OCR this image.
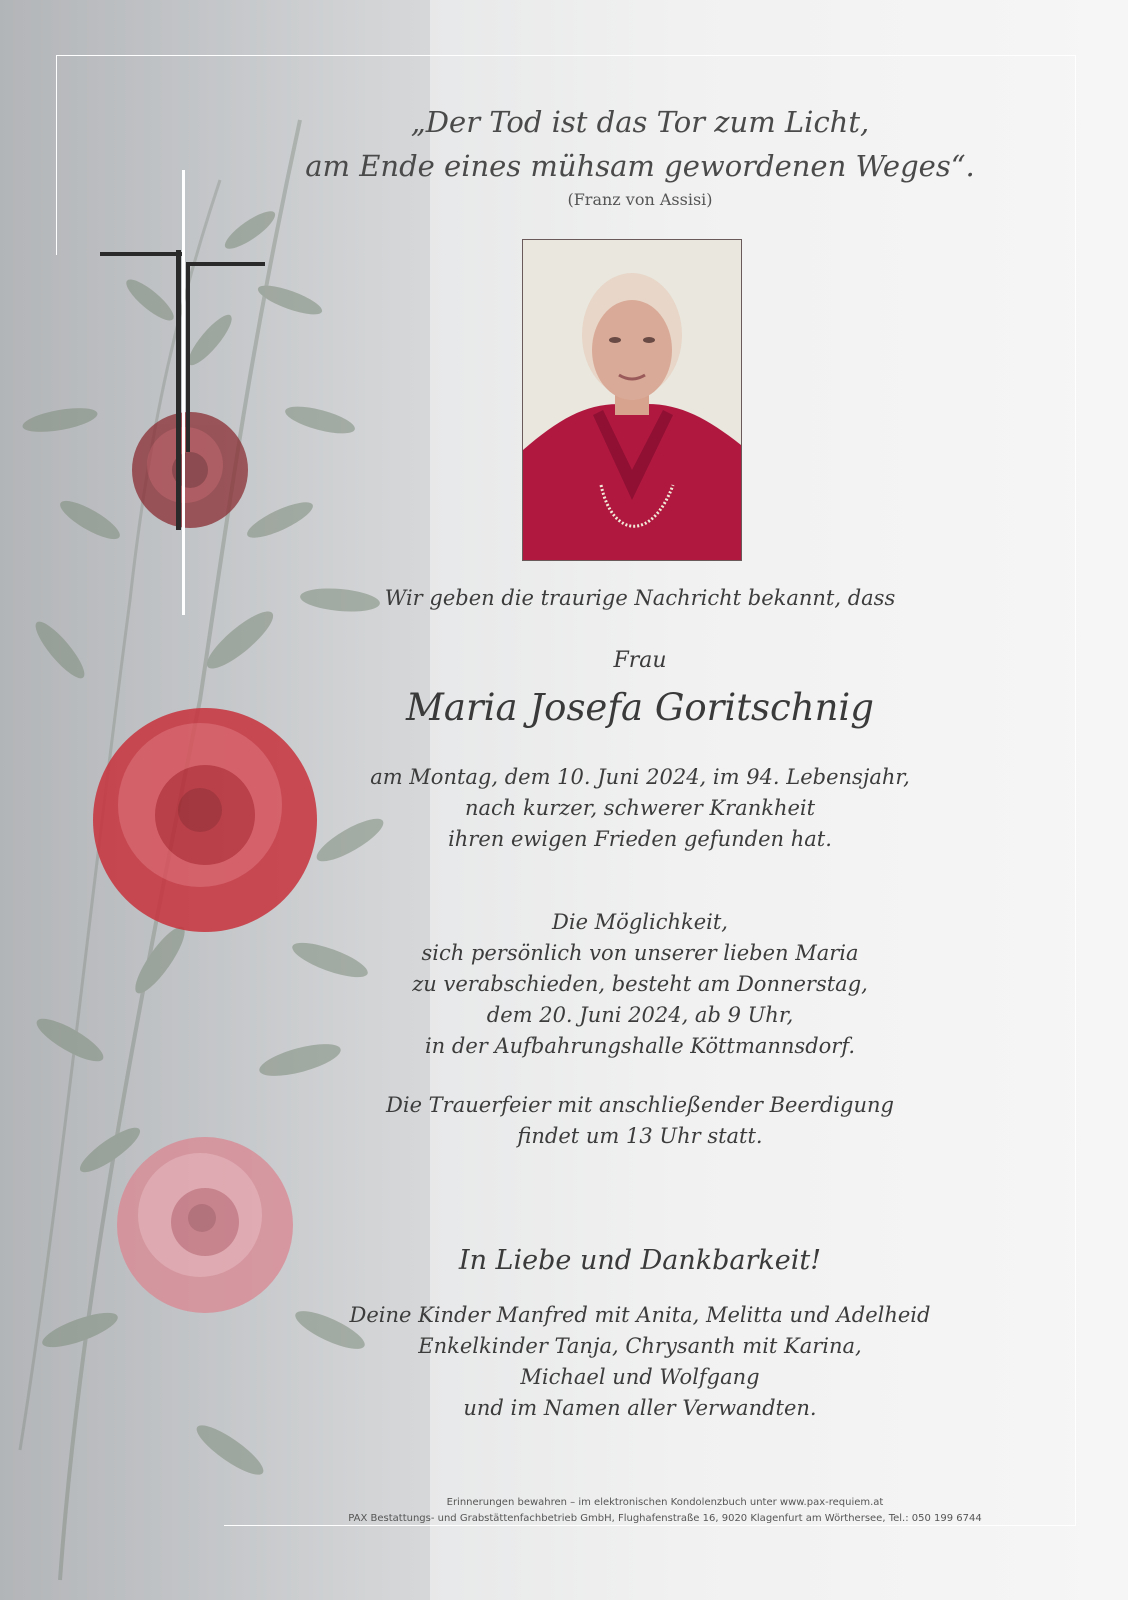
„Der Tod ist das Tor zum Licht,
am Ende eines mühsam gewordenen Weges“.
(Franz von Assisi)
Wir geben die traurige Nachricht bekannt, dass
Frau
Maria Josefa Goritschnig
am Montag, dem 10. Juni 2024, im 94. Lebensjahr,
nach kurzer, schwerer Krankheit
ihren ewigen Frieden gefunden hat.
Die Möglichkeit,
sich persönlich von unserer lieben Maria
zu verabschieden, besteht am Donnerstag,
dem 20. Juni 2024, ab 9 Uhr,
in der Aufbahrungshalle Köttmannsdorf.
Die Trauerfeier mit anschließender Beerdigung
findet um 13 Uhr statt.
In Liebe und Dankbarkeit!
Deine Kinder Manfred mit Anita, Melitta und Adelheid
Enkelkinder Tanja, Chrysanth mit Karina,
Michael und Wolfgang
und im Namen aller Verwandten.
Erinnerungen bewahren – im elektronischen Kondolenzbuch unter www.pax-requiem.at
PAX Bestattungs- und Grabstättenfachbetrieb GmbH, Flughafenstraße 16, 9020 Klagenfurt am Wörthersee, Tel.: 050 199 6744
